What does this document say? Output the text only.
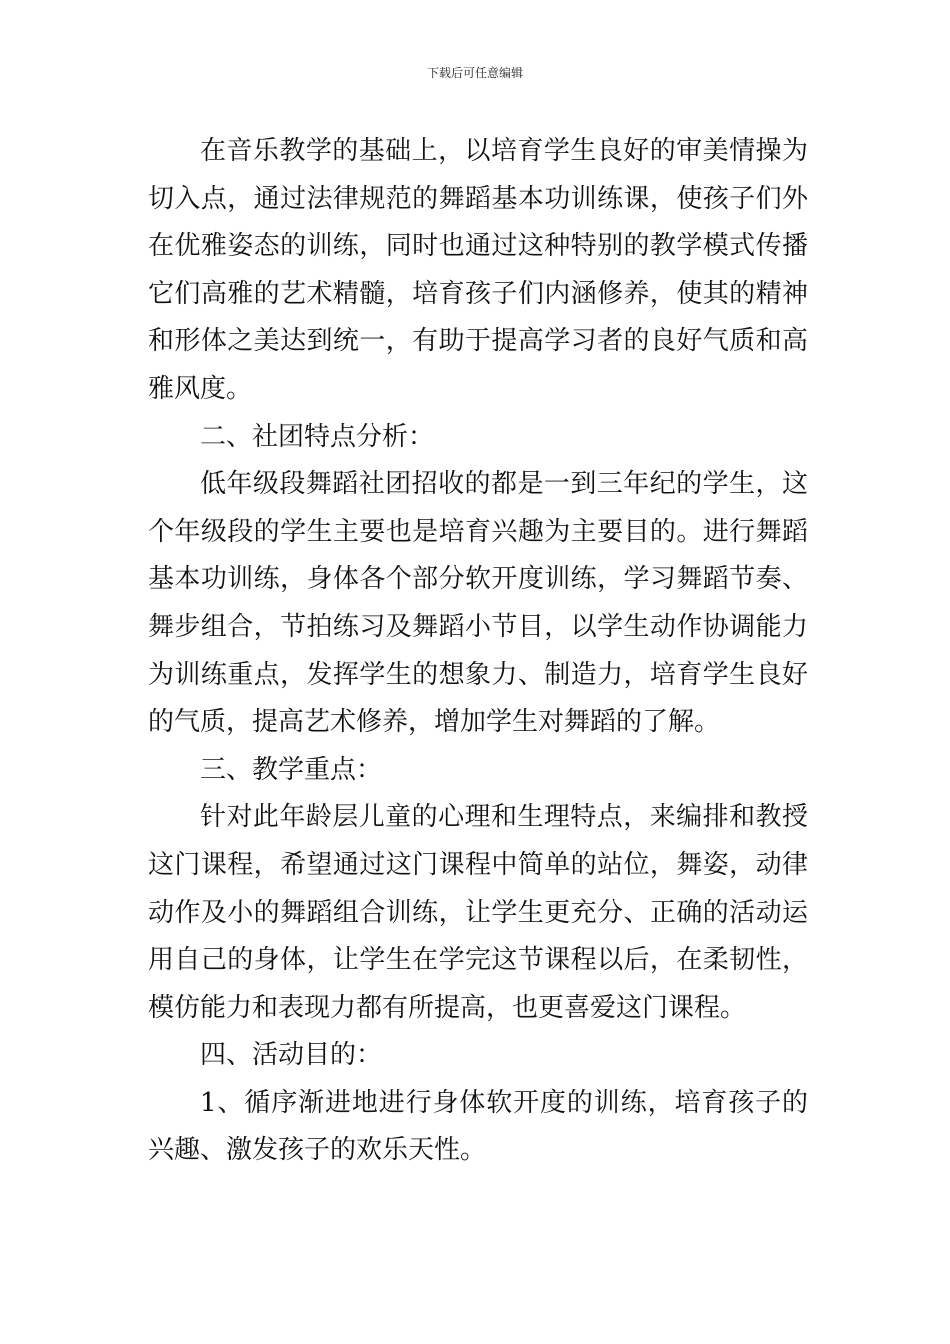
下载后可任意编辑

在音乐教学的基础上，以培育学生良好的审美情操为切入点，通过法律规范的舞蹈基本功训练课，使孩子们外在优雅姿态的训练，同时也通过这种特别的教学模式传播它们高雅的艺术精髓，培育孩子们内涵修养，使其的精神和形体之美达到统一，有助于提高学习者的良好气质和高雅风度。

二、社团特点分析：

低年级段舞蹈社团招收的都是一到三年纪的学生，这个年级段的学生主要也是培育兴趣为主要目的。进行舞蹈基本功训练，身体各个部分软开度训练，学习舞蹈节奏、舞步组合，节拍练习及舞蹈小节目，以学生动作协调能力为训练重点，发挥学生的想象力、制造力，培育学生良好的气质，提高艺术修养，增加学生对舞蹈的了解。

三、教学重点：

针对此年龄层儿童的心理和生理特点，来编排和教授这门课程，希望通过这门课程中简单的站位，舞姿，动律动作及小的舞蹈组合训练，让学生更充分、正确的活动运用自己的身体，让学生在学完这节课程以后，在柔韧性，模仿能力和表现力都有所提高，也更喜爱这门课程。

四、活动目的：

1、循序渐进地进行身体软开度的训练，培育孩子的兴趣、激发孩子的欢乐天性。
